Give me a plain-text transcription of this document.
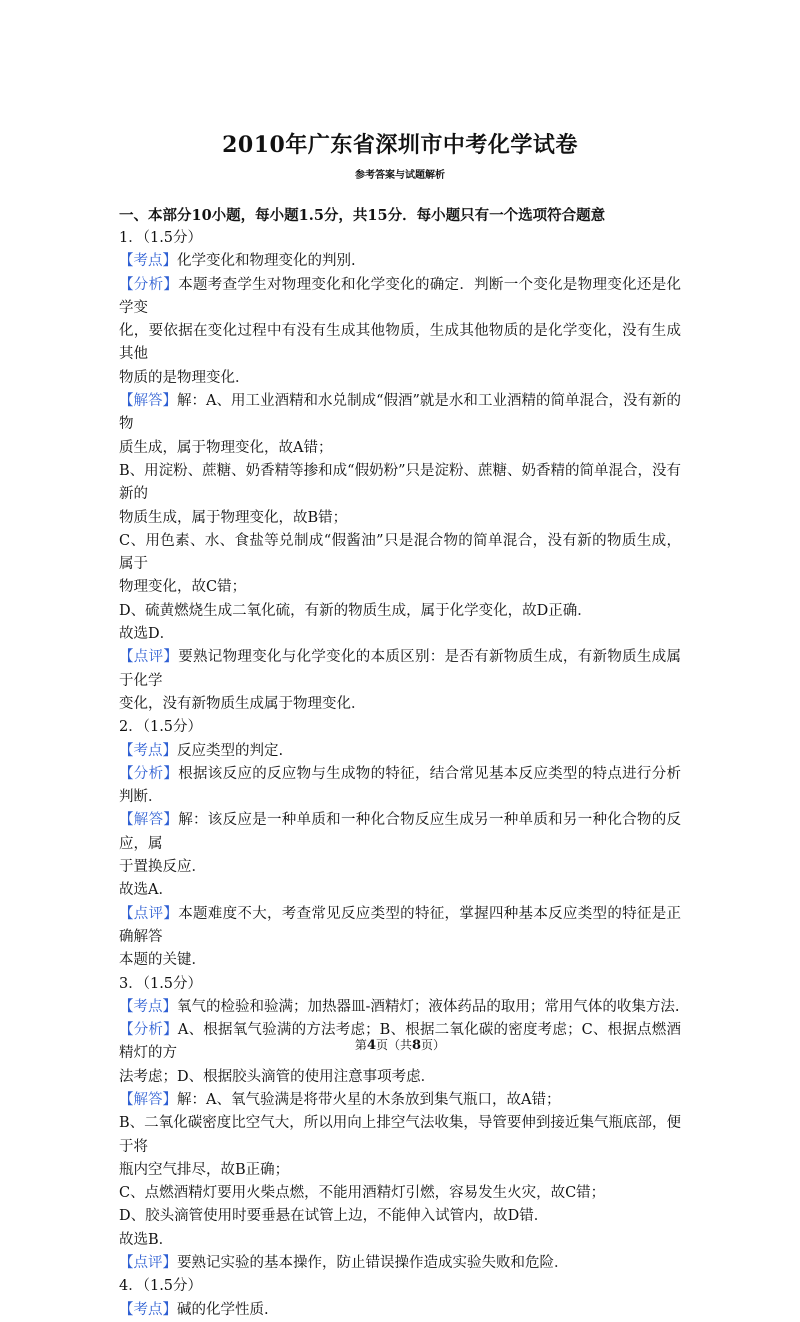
2010年广东省深圳市中考化学试卷
参考答案与试题解析
一、本部分10小题，每小题1.5分，共15分．每小题只有一个选项符合题意
1．（1.5分）
【考点】化学变化和物理变化的判别.
【分析】本题考查学生对物理变化和化学变化的确定．判断一个变化是物理变化还是化学变
化，要依据在变化过程中有没有生成其他物质，生成其他物质的是化学变化，没有生成其他
物质的是物理变化．
【解答】解：A、用工业酒精和水兑制成“假酒”就是水和工业酒精的简单混合，没有新的物
质生成，属于物理变化，故A错；
B、用淀粉、蔗糖、奶香精等掺和成“假奶粉”只是淀粉、蔗糖、奶香精的简单混合，没有新的
物质生成，属于物理变化，故B错；
C、用色素、水、食盐等兑制成“假酱油”只是混合物的简单混合，没有新的物质生成，属于
物理变化，故C错；
D、硫黄燃烧生成二氧化硫，有新的物质生成，属于化学变化，故D正确．
故选D．
【点评】要熟记物理变化与化学变化的本质区别：是否有新物质生成，有新物质生成属于化学
变化，没有新物质生成属于物理变化．
2．（1.5分）
【考点】反应类型的判定.
【分析】根据该反应的反应物与生成物的特征，结合常见基本反应类型的特点进行分析判断．
【解答】解：该反应是一种单质和一种化合物反应生成另一种单质和另一种化合物的反应，属
于置换反应．
故选A．
【点评】本题难度不大，考查常见反应类型的特征，掌握四种基本反应类型的特征是正确解答
本题的关键．
3．（1.5分）
【考点】氧气的检验和验满；加热器皿-酒精灯；液体药品的取用；常用气体的收集方法.
【分析】A、根据氧气验满的方法考虑；B、根据二氧化碳的密度考虑；C、根据点燃酒精灯的方
法考虑；D、根据胶头滴管的使用注意事项考虑．
【解答】解：A、氧气验满是将带火星的木条放到集气瓶口，故A错；
B、二氧化碳密度比空气大，所以用向上排空气法收集，导管要伸到接近集气瓶底部，便于将
瓶内空气排尽，故B正确；
C、点燃酒精灯要用火柴点燃，不能用酒精灯引燃，容易发生火灾，故C错；
D、胶头滴管使用时要垂悬在试管上边，不能伸入试管内，故D错．
故选B．
【点评】要熟记实验的基本操作，防止错误操作造成实验失败和危险．
4．（1.5分）
【考点】碱的化学性质.
第4页（共8页）
